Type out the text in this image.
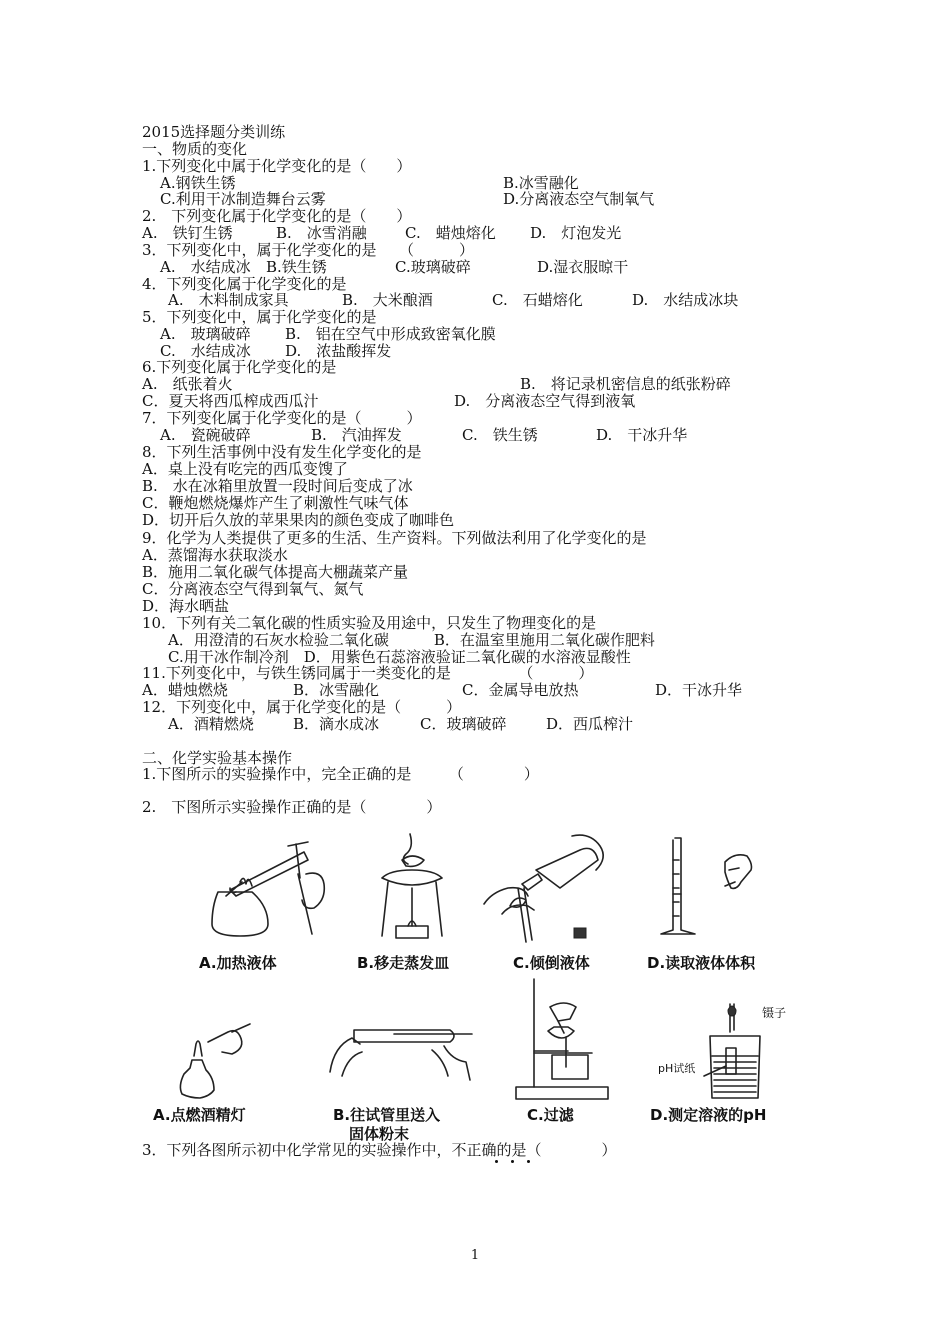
2015选择题分类训练
一、物质的变化
1.下列变化中属于化学变化的是（　　）
A.钢铁生锈	B.冰雪融化
C.利用干冰制造舞台云雾	D.分离液态空气制氧气
2.　下列变化属于化学变化的是（　　）
A.　铁钉生锈	B.　冰雪消融	C.　蜡烛熔化 D.　灯泡发光
3．下列变化中，属于化学变化的是　　（　　　）
A.　水结成冰 B.铁生锈	C.玻璃破碎	D.湿衣服晾干
4．下列变化属于化学变化的是
A.　木料制成家具	B.　大米酿酒	C.　石蜡熔化	D.　水结成冰块
5．下列变化中，属于化学变化的是
A.　玻璃破碎 B.　铝在空气中形成致密氧化膜
C.　水结成冰 D.　浓盐酸挥发
6.下列变化属于化学变化的是
A.　纸张着火	B.　将记录机密信息的纸张粉碎
C．夏天将西瓜榨成西瓜汁	D.　分离液态空气得到液氧
7．下列变化属于化学变化的是（　　　）
A.　瓷碗破碎	B.　汽油挥发	C.　铁生锈	D.　干冰升华
8．下列生活事例中没有发生化学变化的是
A．桌上没有吃完的西瓜变馊了
B.　水在冰箱里放置一段时间后变成了冰
C．鞭炮燃烧爆炸产生了刺激性气味气体
D．切开后久放的苹果果肉的颜色变成了咖啡色
9．化学为人类提供了更多的生活、生产资料。下列做法利用了化学变化的是
A．蒸馏海水获取淡水
B．施用二氧化碳气体提高大棚蔬菜产量
C．分离液态空气得到氧气、氮气
D．海水晒盐
10．下列有关二氧化碳的性质实验及用途中，只发生了物理变化的是
A．用澄清的石灰水检验二氧化碳　　　B．在温室里施用二氧化碳作肥料
C.用干冰作制冷剂　D．用紫色石蕊溶液验证二氧化碳的水溶液显酸性
11.下列变化中，与铁生锈同属于一类变化的是　　　　　（　　　）
A．蜡烛燃烧	B．冰雪融化	C．金属导电放热	D．干冰升华
12．下列变化中，属于化学变化的是（　　　）
A．酒精燃烧	B．滴水成冰	C．玻璃破碎	D．西瓜榨汁
二、化学实验基本操作
1.下图所示的实验操作中，完全正确的是　　　（　　　　）
2.　下图所示实验操作正确的是（　　　　）
A.加热液体	B.移走蒸发皿	C.倾倒液体	D.读取液体体积
镊子
pH试纸
A.点燃酒精灯	B.往试管里送入
固体粉末
C.过滤	D.测定溶液的pH
3．下列各图所示初中化学常见的实验操作中，不正确的是（　　　　）
1
